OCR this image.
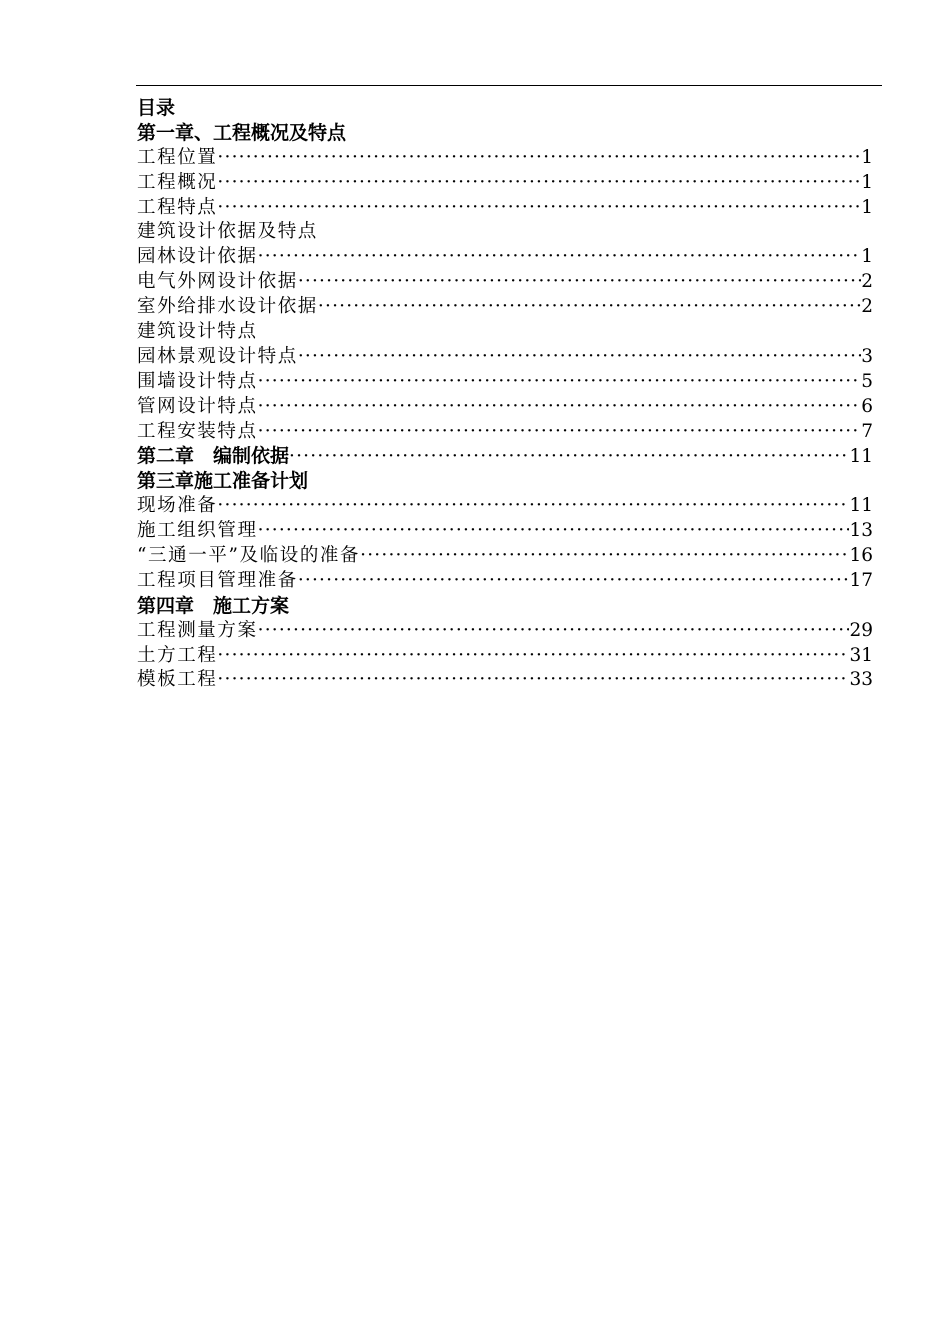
目录
第一章、工程概况及特点
工程位置 ·····	1
工程概况 ·····	1
工程特点 ·····	1
建筑设计依据及特点
园林设计依据 ·····	1
电气外网设计依据 ·····	2
室外给排水设计依据 ·····	2
建筑设计特点
园林景观设计特点 ·····	3
围墙设计特点 ·····	5
管网设计特点 ·····	6
工程安装特点 ·····	7
第二章　编制依据 ·····	11
第三章施工准备计划
现场准备 ·····	11
施工组织管理 ·····	13
“三通一平”及临设的准备 ·····	16
工程项目管理准备 ·····	17
第四章　施工方案
工程测量方案 ·····	29
土方工程 ·····	31
模板工程 ·····	33
